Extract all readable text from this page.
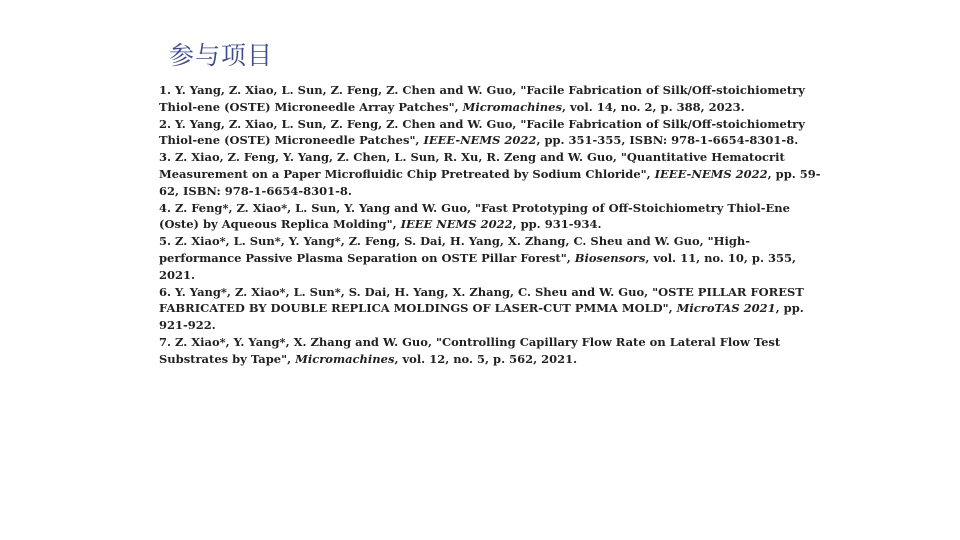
参与项目

1. Y. Yang, Z. Xiao, L. Sun, Z. Feng, Z. Chen and W. Guo, "Facile Fabrication of Silk/Off-stoichiometry Thiol-ene (OSTE) Microneedle Array Patches", Micromachines, vol. 14, no. 2, p. 388, 2023.

2. Y. Yang, Z. Xiao, L. Sun, Z. Feng, Z. Chen and W. Guo, "Facile Fabrication of Silk/Off-stoichiometry Thiol-ene (OSTE) Microneedle Patches", IEEE-NEMS 2022, pp. 351-355, ISBN: 978-1-6654-8301-8.

3. Z. Xiao, Z. Feng, Y. Yang, Z. Chen, L. Sun, R. Xu, R. Zeng and W. Guo, "Quantitative Hematocrit Measurement on a Paper Microfluidic Chip Pretreated by Sodium Chloride", IEEE-NEMS 2022, pp. 59-62, ISBN: 978-1-6654-8301-8.

4. Z. Feng*, Z. Xiao*, L. Sun, Y. Yang and W. Guo, "Fast Prototyping of Off-Stoichiometry Thiol-Ene (Oste) by Aqueous Replica Molding", IEEE NEMS 2022, pp. 931-934.

5. Z. Xiao*, L. Sun*, Y. Yang*, Z. Feng, S. Dai, H. Yang, X. Zhang, C. Sheu and W. Guo, "High-performance Passive Plasma Separation on OSTE Pillar Forest", Biosensors, vol. 11, no. 10, p. 355, 2021.

6. Y. Yang*, Z. Xiao*, L. Sun*, S. Dai, H. Yang, X. Zhang, C. Sheu and W. Guo, "OSTE PILLAR FOREST FABRICATED BY DOUBLE REPLICA MOLDINGS OF LASER-CUT PMMA MOLD", MicroTAS 2021, pp. 921-922.

7. Z. Xiao*, Y. Yang*, X. Zhang and W. Guo, "Controlling Capillary Flow Rate on Lateral Flow Test Substrates by Tape", Micromachines, vol. 12, no. 5, p. 562, 2021.
